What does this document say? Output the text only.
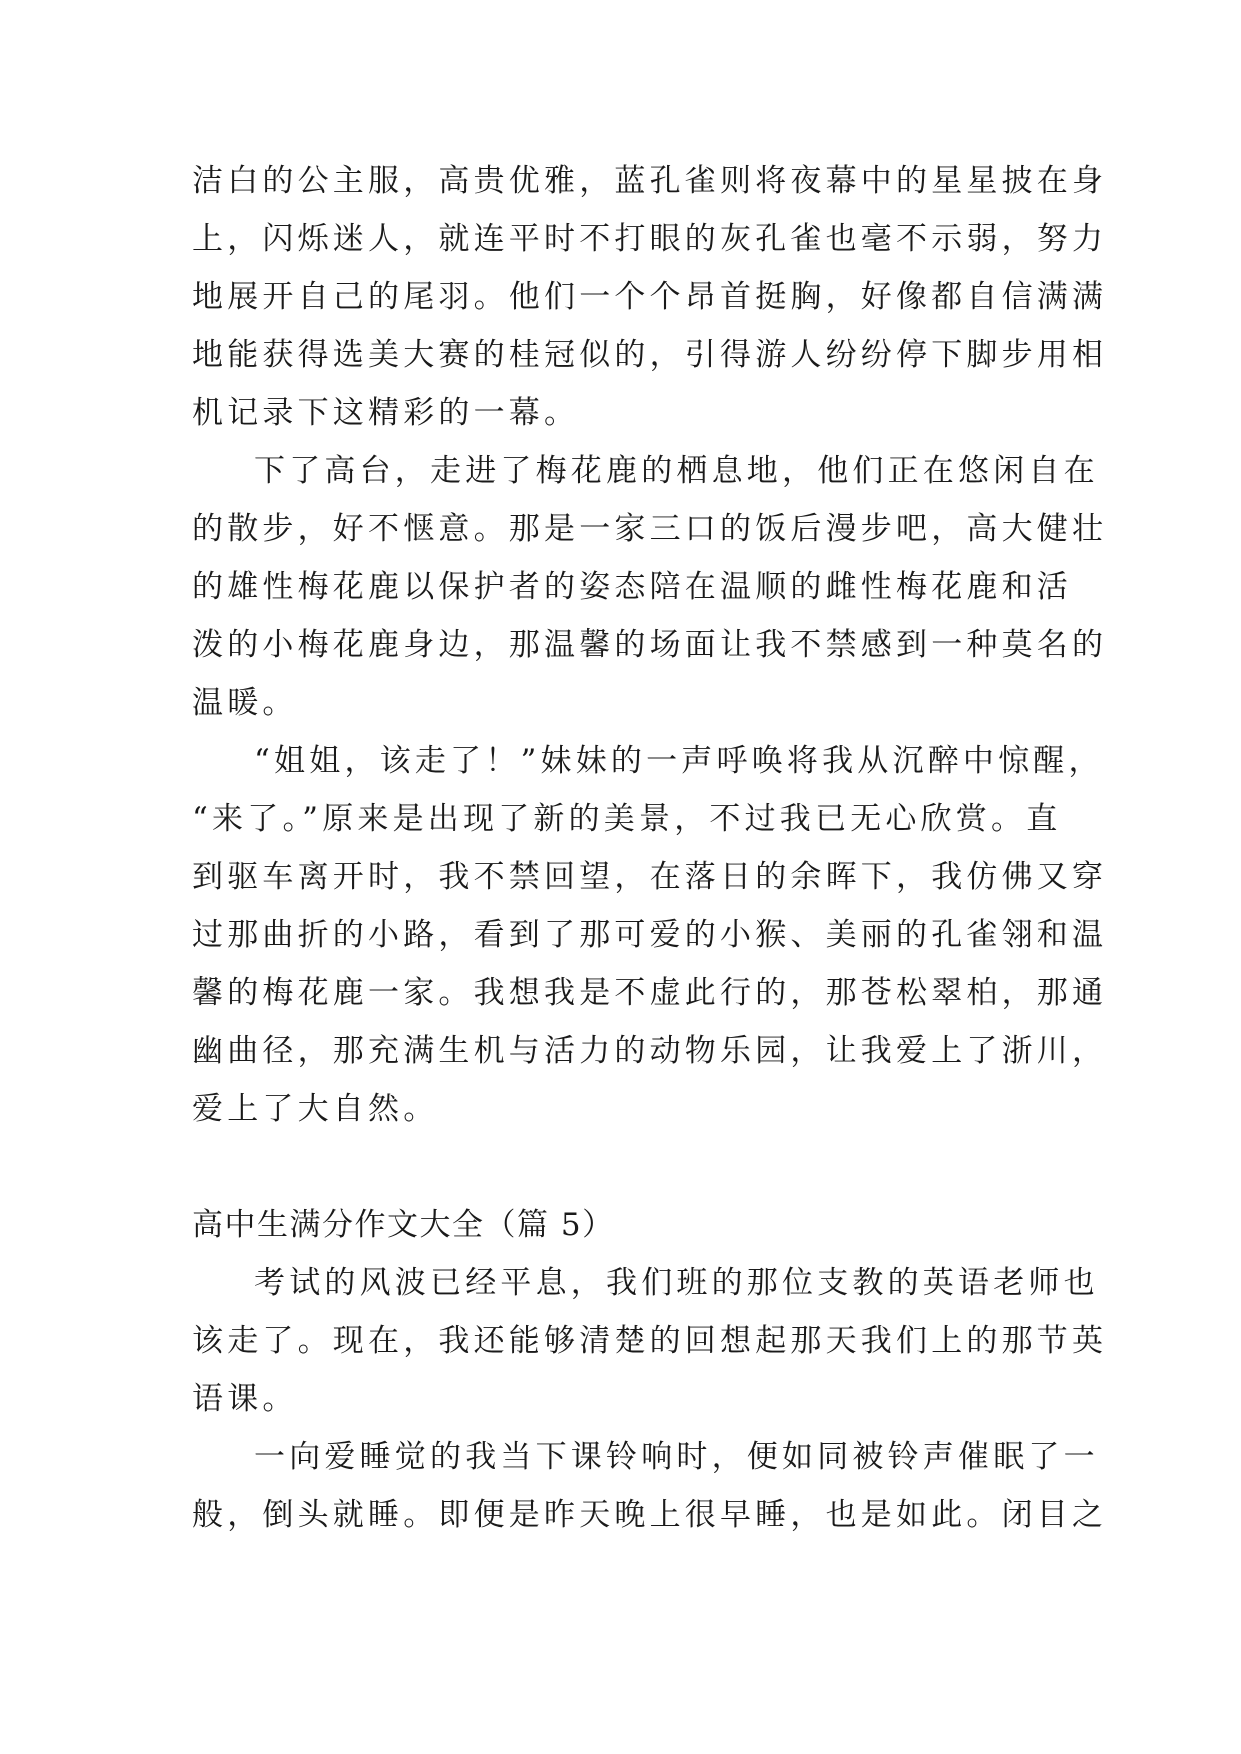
洁白的公主服，高贵优雅，蓝孔雀则将夜幕中的星星披在身
上，闪烁迷人，就连平时不打眼的灰孔雀也毫不示弱，努力
地展开自己的尾羽。他们一个个昂首挺胸，好像都自信满满
地能获得选美大赛的桂冠似的，引得游人纷纷停下脚步用相
机记录下这精彩的一幕。
下了高台，走进了梅花鹿的栖息地，他们正在悠闲自在
的散步，好不惬意。那是一家三口的饭后漫步吧，高大健壮
的雄性梅花鹿以保护者的姿态陪在温顺的雌性梅花鹿和活
泼的小梅花鹿身边，那温馨的场面让我不禁感到一种莫名的
温暖。
“姐姐，该走了！”妹妹的一声呼唤将我从沉醉中惊醒，
“来了。”原来是出现了新的美景，不过我已无心欣赏。直
到驱车离开时，我不禁回望，在落日的余晖下，我仿佛又穿
过那曲折的小路，看到了那可爱的小猴、美丽的孔雀翎和温
馨的梅花鹿一家。我想我是不虚此行的，那苍松翠柏，那通
幽曲径，那充满生机与活力的动物乐园，让我爱上了浙川，
爱上了大自然。
高中生满分作文大全（篇 5）
考试的风波已经平息，我们班的那位支教的英语老师也
该走了。现在，我还能够清楚的回想起那天我们上的那节英
语课。
一向爱睡觉的我当下课铃响时，便如同被铃声催眠了一
般，倒头就睡。即便是昨天晚上很早睡，也是如此。闭目之
